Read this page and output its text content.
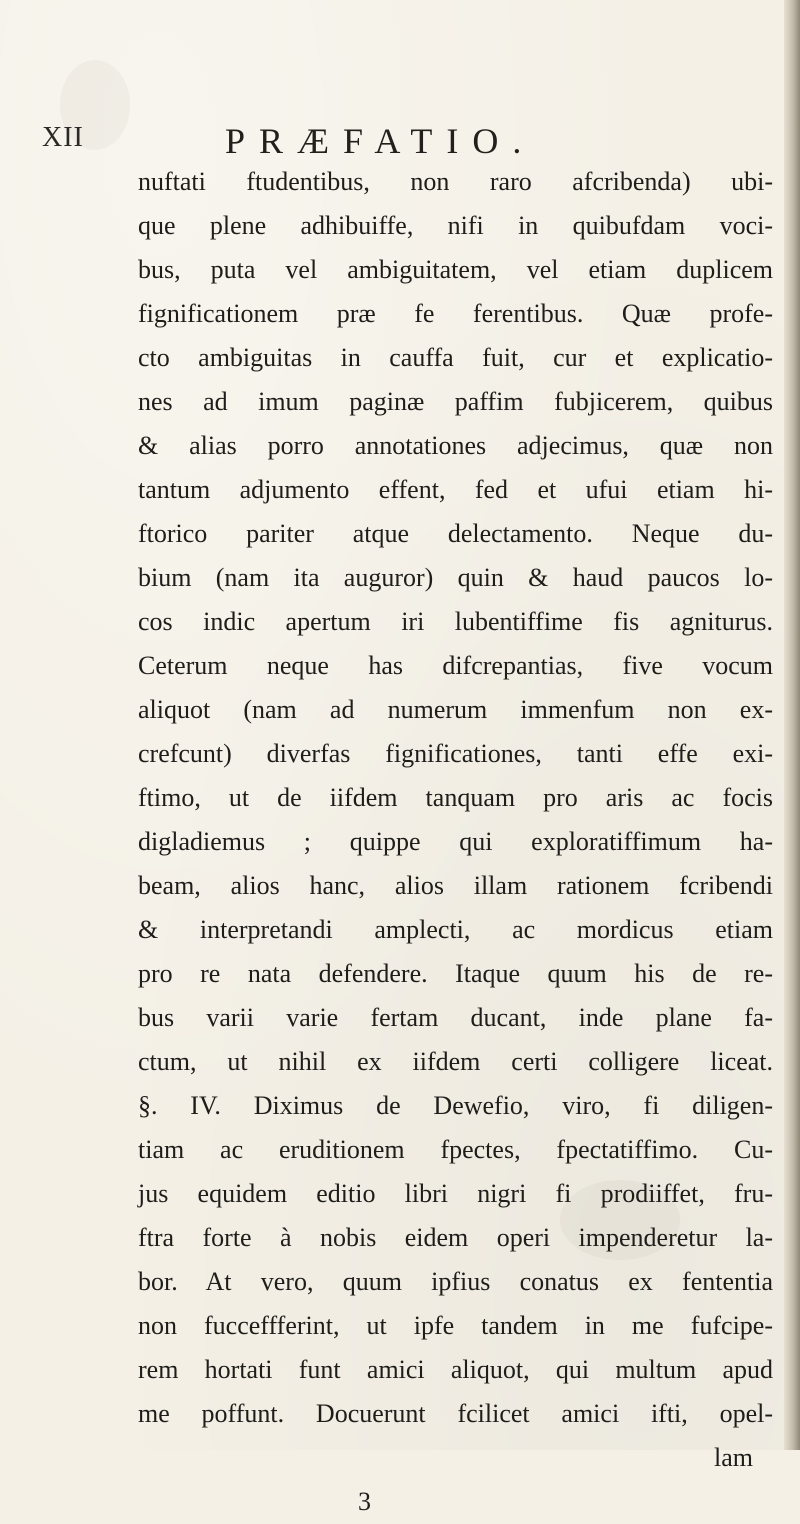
XII	PRÆFATIO.
nuftati ftudentibus, non raro afcribenda) ubi-
que plene adhibuiffe, nifi in quibufdam voci-
bus, puta vel ambiguitatem, vel etiam duplicem
fignificationem præ fe ferentibus. Quæ profe-
cto ambiguitas in cauffa fuit, cur et explicatio-
nes ad imum paginæ paffim fubjicerem, quibus
& alias porro annotationes adjecimus, quæ non
tantum adjumento effent, fed et ufui etiam hi-
ftorico pariter atque delectamento. Neque du-
bium (nam ita auguror) quin & haud paucos lo-
cos indic apertum iri lubentiffime fis agniturus.
Ceterum neque has difcrepantias, five vocum
aliquot (nam ad numerum immenfum non ex-
crefcunt) diverfas fignificationes, tanti effe exi-
ftimo, ut de iifdem tanquam pro aris ac focis
digladiemus ; quippe qui exploratiffimum ha-
beam, alios hanc, alios illam rationem fcribendi
& interpretandi amplecti, ac mordicus etiam
pro re nata defendere. Itaque quum his de re-
bus varii varie fertam ducant, inde plane fa-
ctum, ut nihil ex iifdem certi colligere liceat.
§. IV. Diximus de Dewefio, viro, fi diligen-
tiam ac eruditionem fpectes, fpectatiffimo. Cu-
jus equidem editio libri nigri fi prodiiffet, fru-
ftra forte à nobis eidem operi impenderetur la-
bor. At vero, quum ipfius conatus ex fententia
non fucceffferint, ut ipfe tandem in me fufcipe-
rem hortati funt amici aliquot, qui multum apud
me poffunt. Docuerunt fcilicet amici ifti, opel-
lam
3
